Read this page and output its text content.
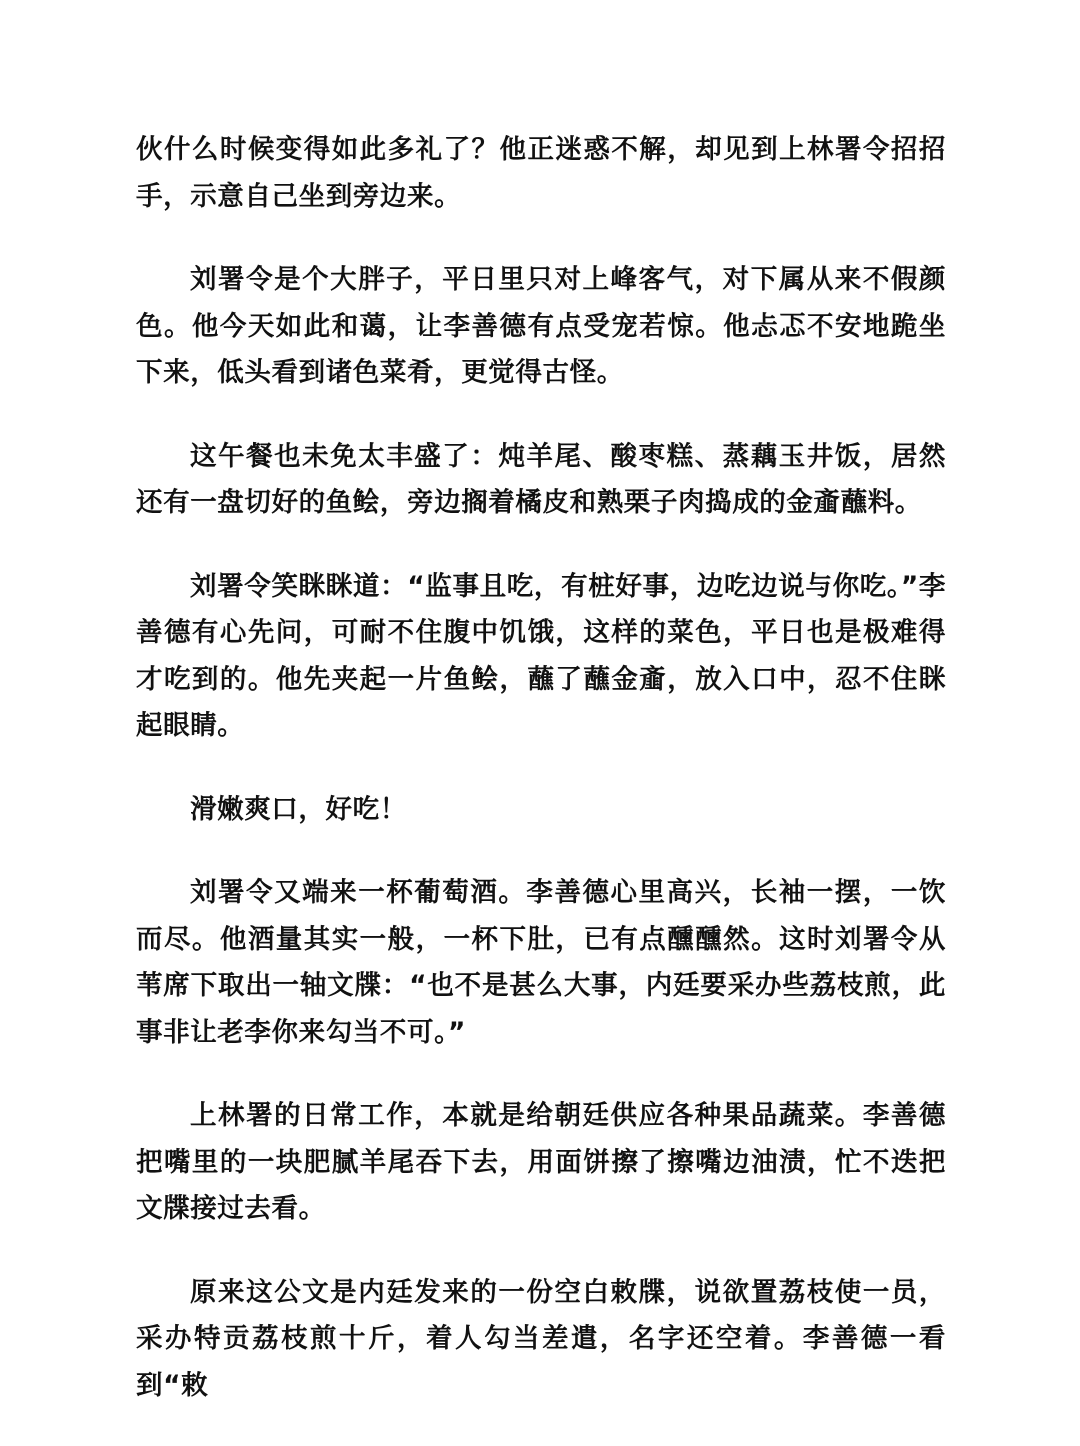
伙什么时候变得如此多礼了？他正迷惑不解，却见到上林署令招招手，示意自己坐到旁边来。

刘署令是个大胖子，平日里只对上峰客气，对下属从来不假颜色。他今天如此和蔼，让李善德有点受宠若惊。他忐忑不安地跪坐下来，低头看到诸色菜肴，更觉得古怪。

这午餐也未免太丰盛了：炖羊尾、酸枣糕、蒸藕玉井饭，居然还有一盘切好的鱼鲙，旁边搁着橘皮和熟栗子肉捣成的金齑蘸料。

刘署令笑眯眯道：“监事且吃，有桩好事，边吃边说与你吃。”李善德有心先问，可耐不住腹中饥饿，这样的菜色，平日也是极难得才吃到的。他先夹起一片鱼鲙，蘸了蘸金齑，放入口中，忍不住眯起眼睛。

滑嫩爽口，好吃！

刘署令又端来一杯葡萄酒。李善德心里高兴，长袖一摆，一饮而尽。他酒量其实一般，一杯下肚，已有点醺醺然。这时刘署令从苇席下取出一轴文牒：“也不是甚么大事，内廷要采办些荔枝煎，此事非让老李你来勾当不可。”

上林署的日常工作，本就是给朝廷供应各种果品蔬菜。李善德把嘴里的一块肥腻羊尾吞下去，用面饼擦了擦嘴边油渍，忙不迭把文牒接过去看。

原来这公文是内廷发来的一份空白敕牒，说欲置荔枝使一员，采办特贡荔枝煎十斤，着人勾当差遣，名字还空着。李善德一看到“敕
